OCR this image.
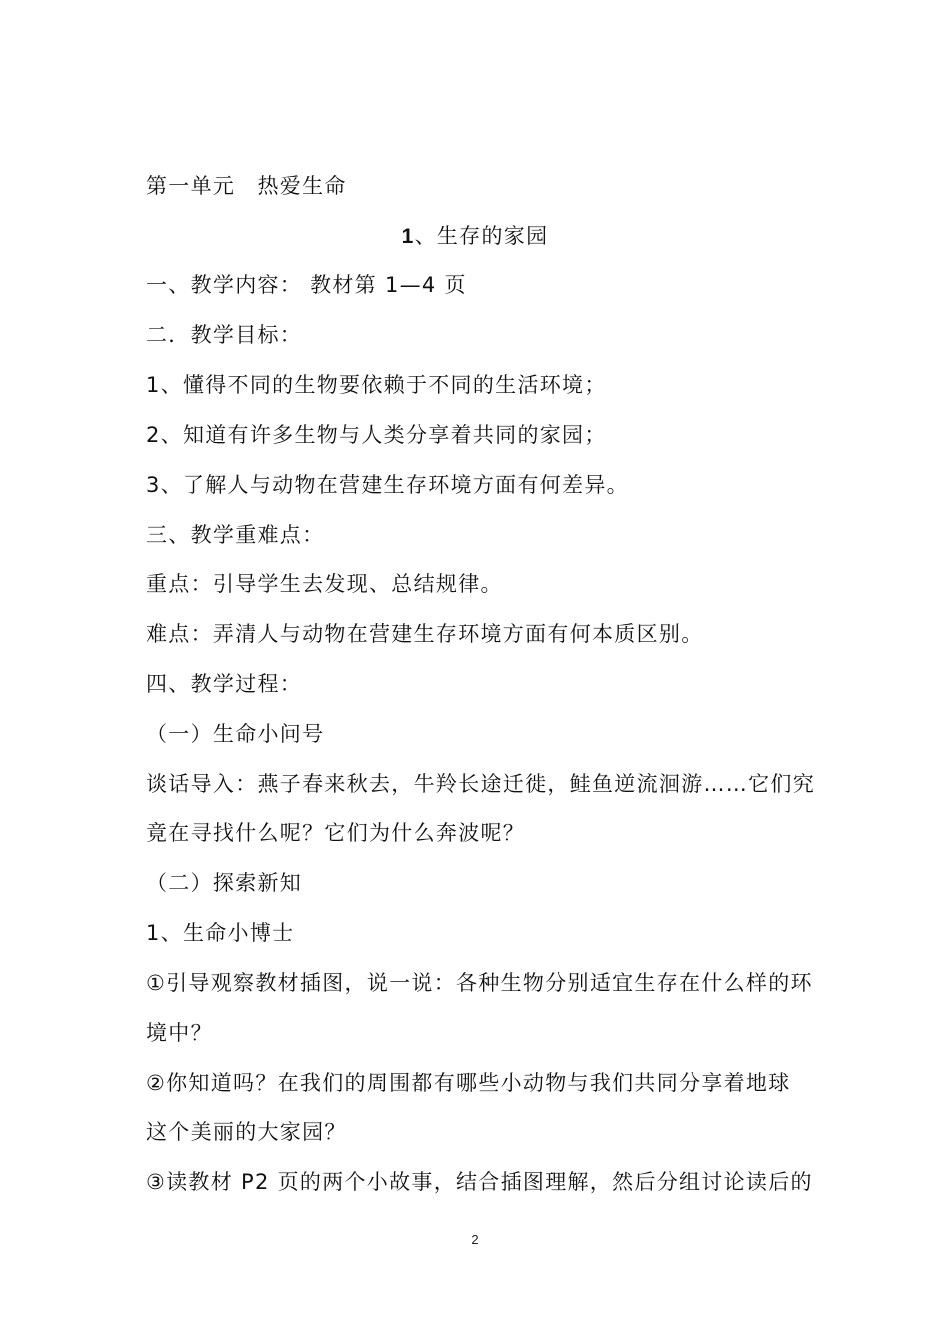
第一单元　热爱生命
1、生存的家园
一、教学内容： 教材第 1—4 页
二．教学目标：
1、懂得不同的生物要依赖于不同的生活环境；
2、知道有许多生物与人类分享着共同的家园；
3、了解人与动物在营建生存环境方面有何差异。
三、教学重难点：
重点：引导学生去发现、总结规律。
难点：弄清人与动物在营建生存环境方面有何本质区别。
四、教学过程：
（一）生命小问号
谈话导入：燕子春来秋去，牛羚长途迁徙，鲑鱼逆流洄游……它们究
竟在寻找什么呢？它们为什么奔波呢？
（二）探索新知
1、生命小博士
①引导观察教材插图，说一说：各种生物分别适宜生存在什么样的环
境中？
②你知道吗？在我们的周围都有哪些小动物与我们共同分享着地球
这个美丽的大家园？
③读教材 P2 页的两个小故事，结合插图理解，然后分组讨论读后的
2
